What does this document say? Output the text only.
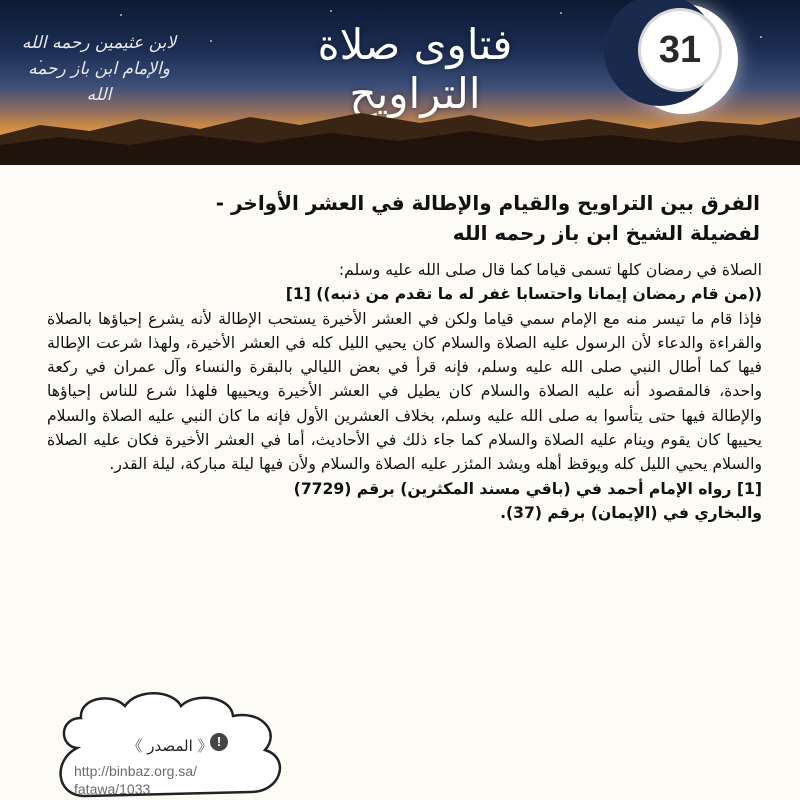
31
فتاوى صلاة التراويح
لابن عثيمين رحمه الله والإمام ابن باز رحمه الله
الفرق بين التراويح والقيام والإطالة في العشر الأواخر -
لفضيلة الشيخ ابن باز رحمه الله

الصلاة في رمضان كلها تسمى قياما كما قال صلى الله عليه وسلم:

((من قام رمضان إيمانا واحتسابا غفر له ما تقدم من ذنبه)) [1]

فإذا قام ما تيسر منه مع الإمام سمي قياما ولكن في العشر الأخيرة يستحب الإطالة لأنه يشرع إحياؤها بالصلاة والقراءة والدعاء لأن الرسول عليه الصلاة والسلام كان يحيي الليل كله في العشر الأخيرة، ولهذا شرعت الإطالة فيها كما أطال النبي صلى الله عليه وسلم، فإنه قرأ في بعض الليالي بالبقرة والنساء وآل عمران في ركعة واحدة، فالمقصود أنه عليه الصلاة والسلام كان يطيل في العشر الأخيرة ويحييها فلهذا شرع للناس إحياؤها والإطالة فيها حتى يتأسوا به صلى الله عليه وسلم، بخلاف العشرين الأول فإنه ما كان النبي عليه الصلاة والسلام يحييها كان يقوم وينام عليه الصلاة والسلام كما جاء ذلك في الأحاديث، أما في العشر الأخيرة فكان عليه الصلاة والسلام يحيي الليل كله ويوقظ أهله ويشد المئزر عليه الصلاة والسلام ولأن فيها ليلة مباركة، ليلة القدر.

[1] رواه الإمام أحمد في (باقي مسند المكثرين) برقم (7729)

والبخاري في (الإيمان) برقم (37).

!
《 المصدر 》
http://binbaz.org.sa/
fatawa/1033
